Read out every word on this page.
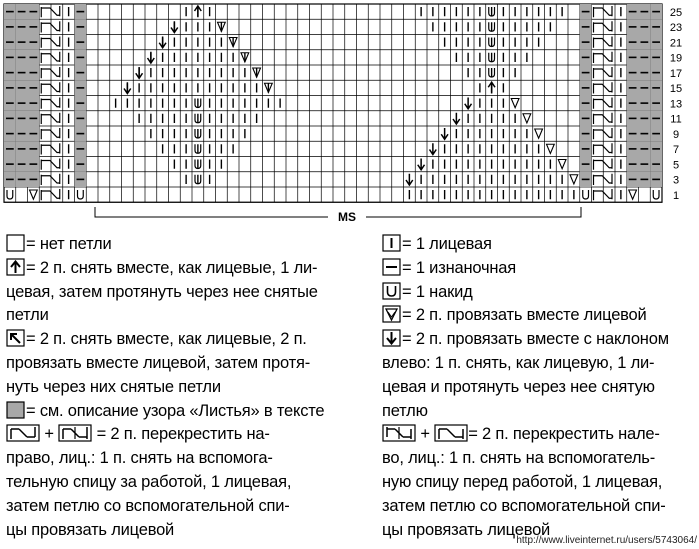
25
23
21
19
17
15
13
11
9
7
5
3
1
MS

= нет петли

= 2 п. снять вместе, как лицевые, 1 ли-
цевая, затем протянуть через нее снятые
петли

= 2 п. снять вместе, как лицевые, 2 п.
провязать вместе лицевой, затем протя-
нуть через них снятые петли

= см. описание узора «Листья» в тексте

+	= 2 п. перекрестить на-
право, лиц.: 1 п. снять на вспомога-
тельную спицу за работой, 1 лицевая,
затем петлю со вспомогательной спи-
цы провязать лицевой

= 1 лицевая

= 1 изнаночная

= 1 накид

= 2 п. провязать вместе лицевой

= 2 п. провязать вместе с наклоном
влево: 1 п. снять, как лицевую, 1 ли-
цевая и протянуть через нее снятую
петлю

+ = 2 п. перекрестить нале-
во, лиц.: 1 п. снять на вспомогатель-
ную спицу перед работой, 1 лицевая,
затем петлю со вспомогательной спи-
цы провязать лицевой

http://www.liveinternet.ru/users/5743064/
